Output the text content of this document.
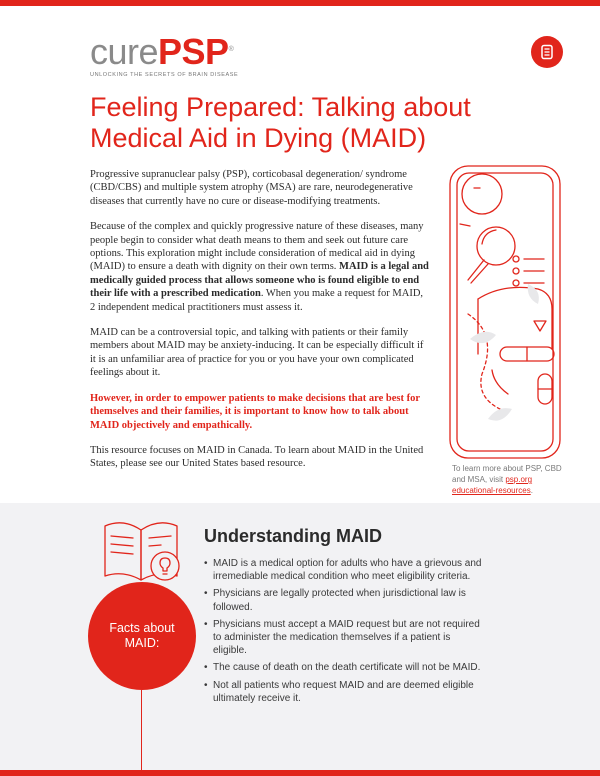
curePSP®
UNLOCKING THE SECRETS OF BRAIN DISEASE
Feeling Prepared: Talking about Medical Aid in Dying (MAID)

Progressive supranuclear palsy (PSP), corticobasal degeneration/ syndrome (CBD/CBS) and multiple system atrophy (MSA) are rare, neurodegenerative diseases that currently have no cure or disease-modifying treatments.

Because of the complex and quickly progressive nature of these diseases, many people begin to consider what death means to them and seek out future care options. This exploration might include consideration of medical aid in dying (MAID) to ensure a death with dignity on their own terms. MAID is a legal and medically guided process that allows someone who is found eligible to end their life with a prescribed medication. When you make a request for MAID, 2 independent medical practitioners must assess it.

MAID can be a controversial topic, and talking with patients or their family members about MAID may be anxiety-inducing. It can be especially difficult if it is an unfamiliar area of practice for you or you have your own complicated feelings about it.

However, in order to empower patients to make decisions that are best for themselves and their families, it is important to know how to talk about MAID objectively and empathically.

This resource focuses on MAID in Canada. To learn about MAID in the United States, please see our United States based resource.	To learn more about PSP, CBD and MSA, visit psp.org
educational-resources.
Facts about MAID:
Understanding MAID
• MAID is a medical option for adults who have a grievous and irremediable medical condition who meet eligibility criteria.
• Physicians are legally protected when jurisdictional law is followed.
• Physicians must accept a MAID request but are not required to administer the medication themselves if a patient is eligible.
• The cause of death on the death certificate will not be MAID.
• Not all patients who request MAID and are deemed eligible ultimately receive it.
